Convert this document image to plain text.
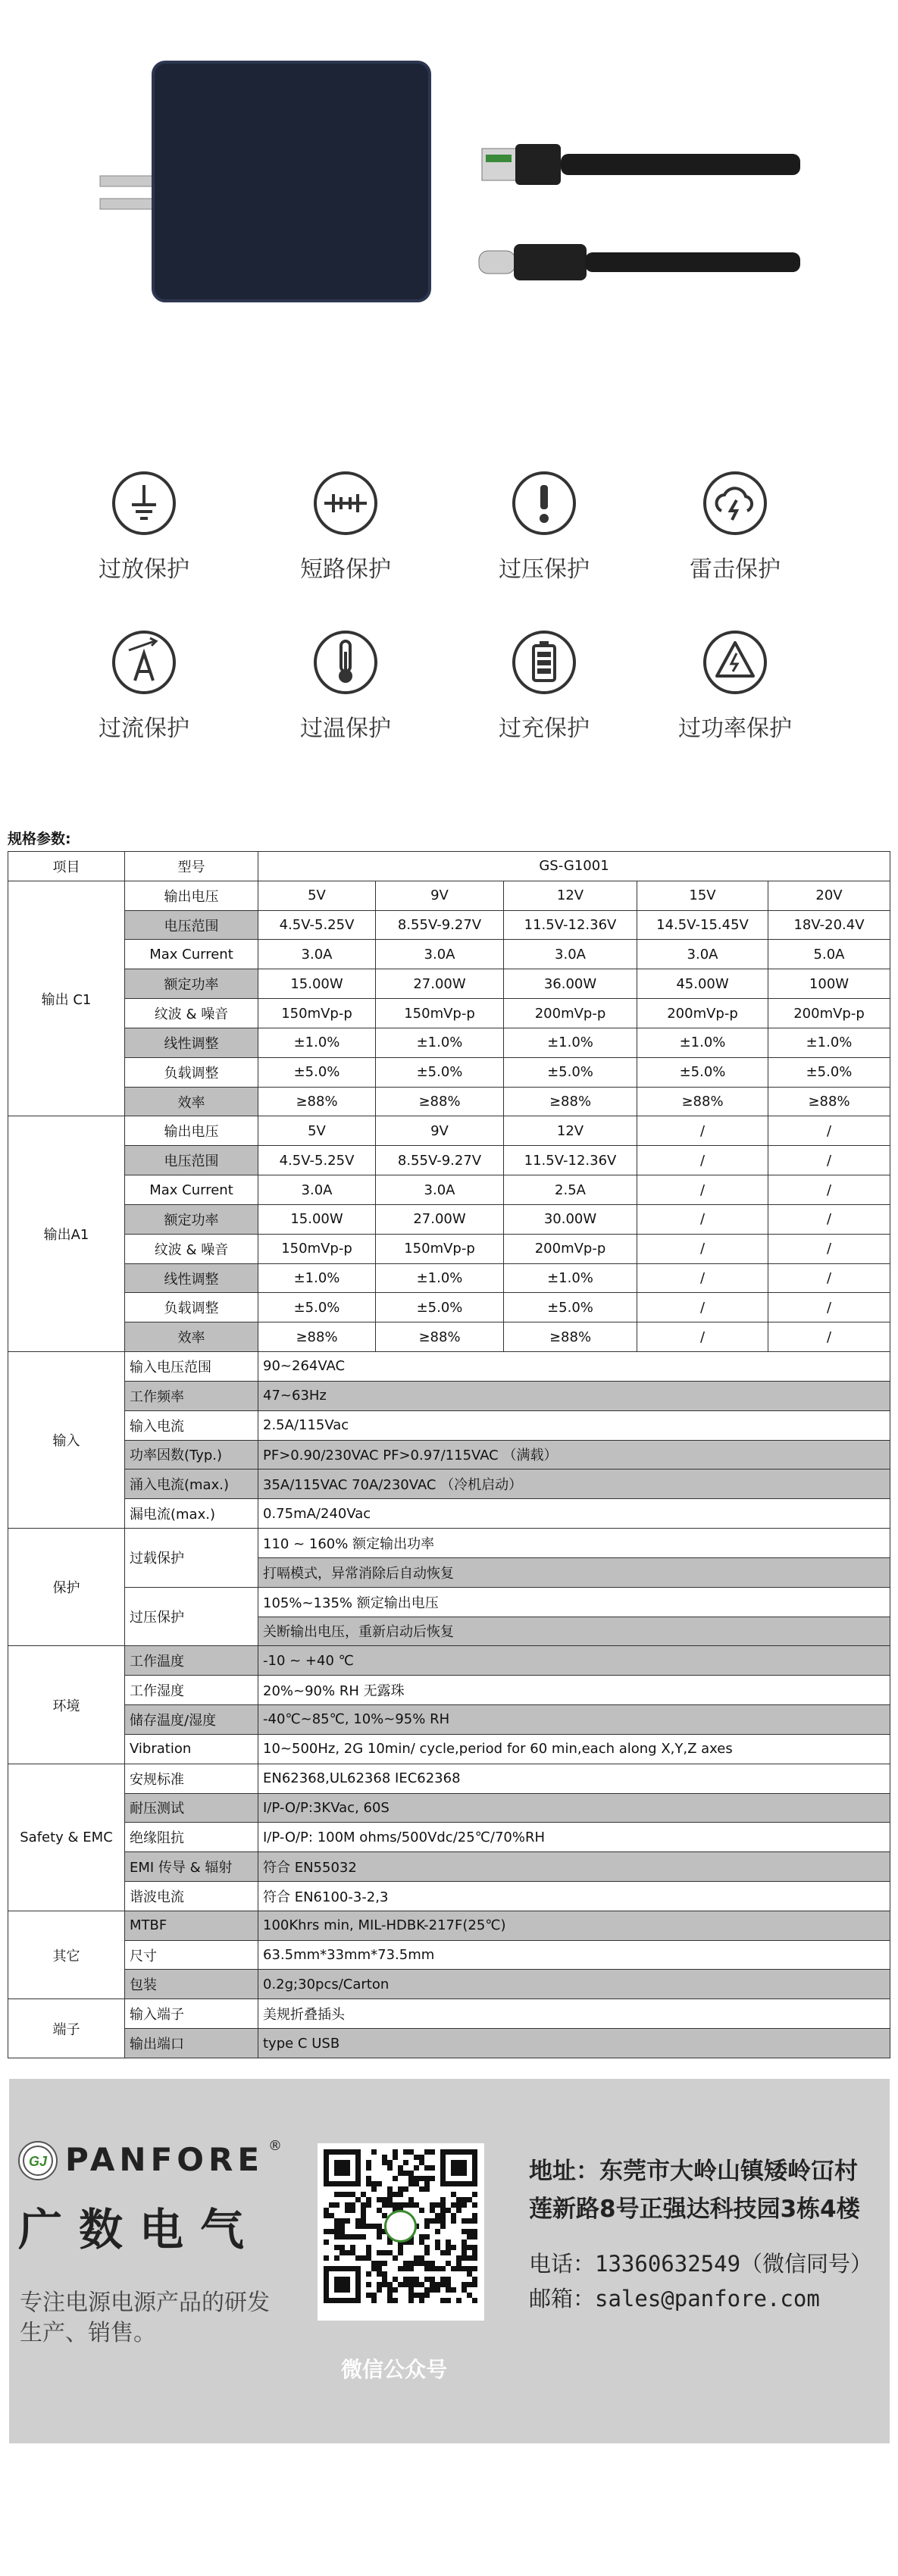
过放保护	短路保护	过压保护	雷击保护
过流保护	过温保护	过充保护	过功率保护
规格参数:
项目	型号	GS-G1001				
输出 C1	输出电压	5V	9V	12V	15V	20V
	电压范围	4.5V-5.25V	8.55V-9.27V	11.5V-12.36V	14.5V-15.45V	18V-20.4V
	Max Current	3.0A	3.0A	3.0A	3.0A	5.0A
	额定功率	15.00W	27.00W	36.00W	45.00W	100W
	纹波 & 噪音	150mVp-p	150mVp-p	200mVp-p	200mVp-p	200mVp-p
	线性调整	±1.0%	±1.0%	±1.0%	±1.0%	±1.0%
	负载调整	±5.0%	±5.0%	±5.0%	±5.0%	±5.0%
	效率	≥88%	≥88%	≥88%	≥88%	≥88%
输出A1	输出电压	5V	9V	12V	/	/
	电压范围	4.5V-5.25V	8.55V-9.27V	11.5V-12.36V	/	/
	Max Current	3.0A	3.0A	2.5A	/	/
	额定功率	15.00W	27.00W	30.00W	/	/
	纹波 & 噪音	150mVp-p	150mVp-p	200mVp-p	/	/
	线性调整	±1.0%	±1.0%	±1.0%	/	/
	负载调整	±5.0%	±5.0%	±5.0%	/	/
	效率	≥88%	≥88%	≥88%	/	/
输入	输入电压范围	90~264VAC				
	工作频率	47~63Hz				
	输入电流	2.5A/115Vac				
	功率因数(Typ.)	PF>0.90/230VAC PF>0.97/115VAC （满载）				
	涌入电流(max.)	35A/115VAC 70A/230VAC （冷机启动）				
	漏电流(max.)	0.75mA/240Vac				
保护	过载保护	110 ~ 160% 额定输出功率				
		打嗝模式，异常消除后自动恢复				
	过压保护	105%~135% 额定输出电压				
		关断输出电压，重新启动后恢复				
环境	工作温度	-10 ~ +40 ℃				
	工作湿度	20%~90% RH 无露珠				
	储存温度/湿度	-40℃~85℃, 10%~95% RH				
	Vibration	10~500Hz, 2G 10min/ cycle,period for 60 min,each along X,Y,Z axes				
Safety & EMC	安规标准	EN62368,UL62368 IEC62368				
	耐压测试	I/P-O/P:3KVac, 60S				
	绝缘阻抗	I/P-O/P: 100M ohms/500Vdc/25℃/70%RH				
	EMI 传导 & 辐射	符合 EN55032				
	谐波电流	符合 EN6100-3-2,3				
其它	MTBF	100Khrs min, MIL-HDBK-217F(25℃)				
	尺寸	63.5mm*33mm*73.5mm				
	包装	0.2g;30pcs/Carton				
端子	输入端子	美规折叠插头				
	输出端口	type C USB				
GJ PANFORE ®
广数电气
专注电源电源产品的研发
生产、销售。
微信公众号
地址：东莞市大岭山镇矮岭冚村
莲新路8号正强达科技园3栋4楼
电话：13360632549（微信同号）
邮箱：sales@panfore.com
